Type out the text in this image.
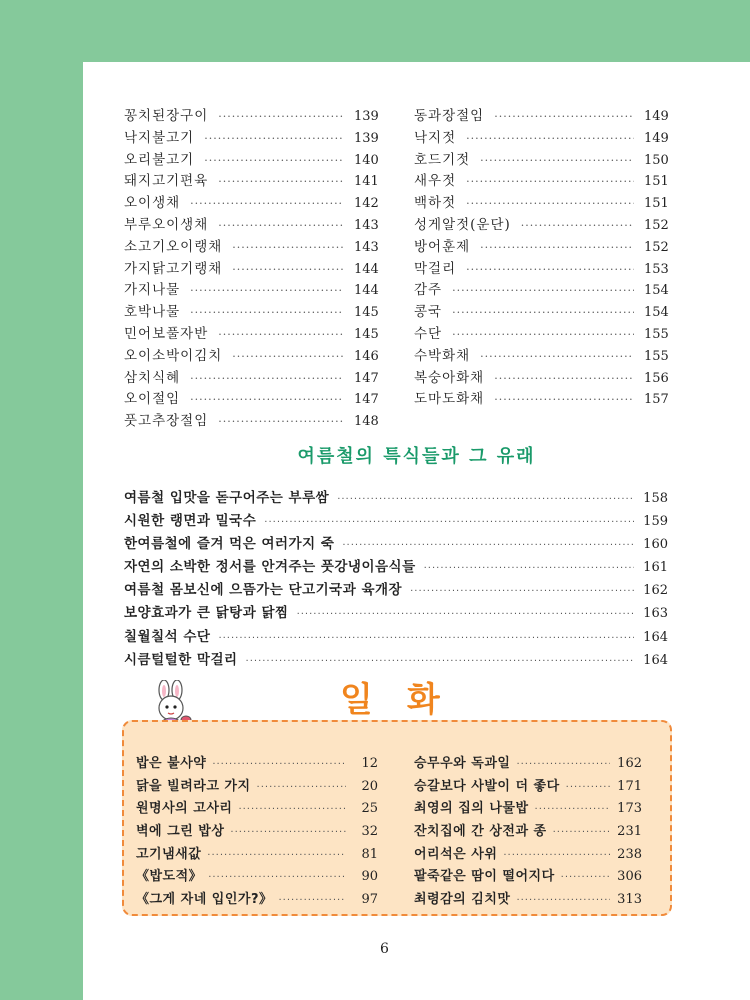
꽁치된장구이 ·····	139
낙지불고기 ·····	139
오리불고기 ·····	140
돼지고기편육 ·····	141
오이생채 ·····	142
부루오이생채 ·····	143
소고기오이랭채 ·····	143
가지닭고기랭채 ·····	144
가지나물 ·····	144
호박나물 ·····	145
민어보풀자반 ·····	145
오이소박이김치 ·····	146
삼치식혜 ·····	147
오이절임 ·····	147
풋고추장절임 ·····	148
동과장절임 ·····	149
낙지젓 ·····	149
호드기젓 ·····	150
새우젓 ·····	151
백하젓 ·····	151
성게알젓(운단) ·····	152
방어훈제 ·····	152
막걸리 ·····	153
감주 ·····	154
콩국 ·····	154
수단 ·····	155
수박화채 ·····	155
복숭아화채 ·····	156
도마도화채 ·····	157
여름철의 특식들과 그 유래
여름철 입맛을 돋구어주는 부루쌈 ·····	158
시원한 랭면과 밀국수 ·····	159
한여름철에 즐겨 먹은 여러가지 죽 ·····	160
자연의 소박한 정서를 안겨주는 풋강냉이음식들 ·····	161
여름철 몸보신에 으뜸가는 단고기국과 육개장 ·····	162
보양효과가 큰 닭탕과 닭찜 ·····	163
칠월칠석 수단 ·····	164
시큼털털한 막걸리 ·····	164
일화
밥은 불사약 ·····	12
닭을 빌려라고 가지 ·····	20
원명사의 고사리 ·····	25
벽에 그린 밥상 ·····	32
고기냄새값 ·····	81
《밥도적》 ·····	90
《그게 자네 입인가?》 ·····	97
승무우와 독과일 ·····	162
승갈보다 사발이 더 좋다 ·····	171
최영의 집의 나물밥 ·····	173
잔치집에 간 상전과 종 ·····	231
어리석은 사위 ·····	238
팥죽같은 땀이 떨어지다 ·····	306
최령감의 김치맛 ·····	313
6
